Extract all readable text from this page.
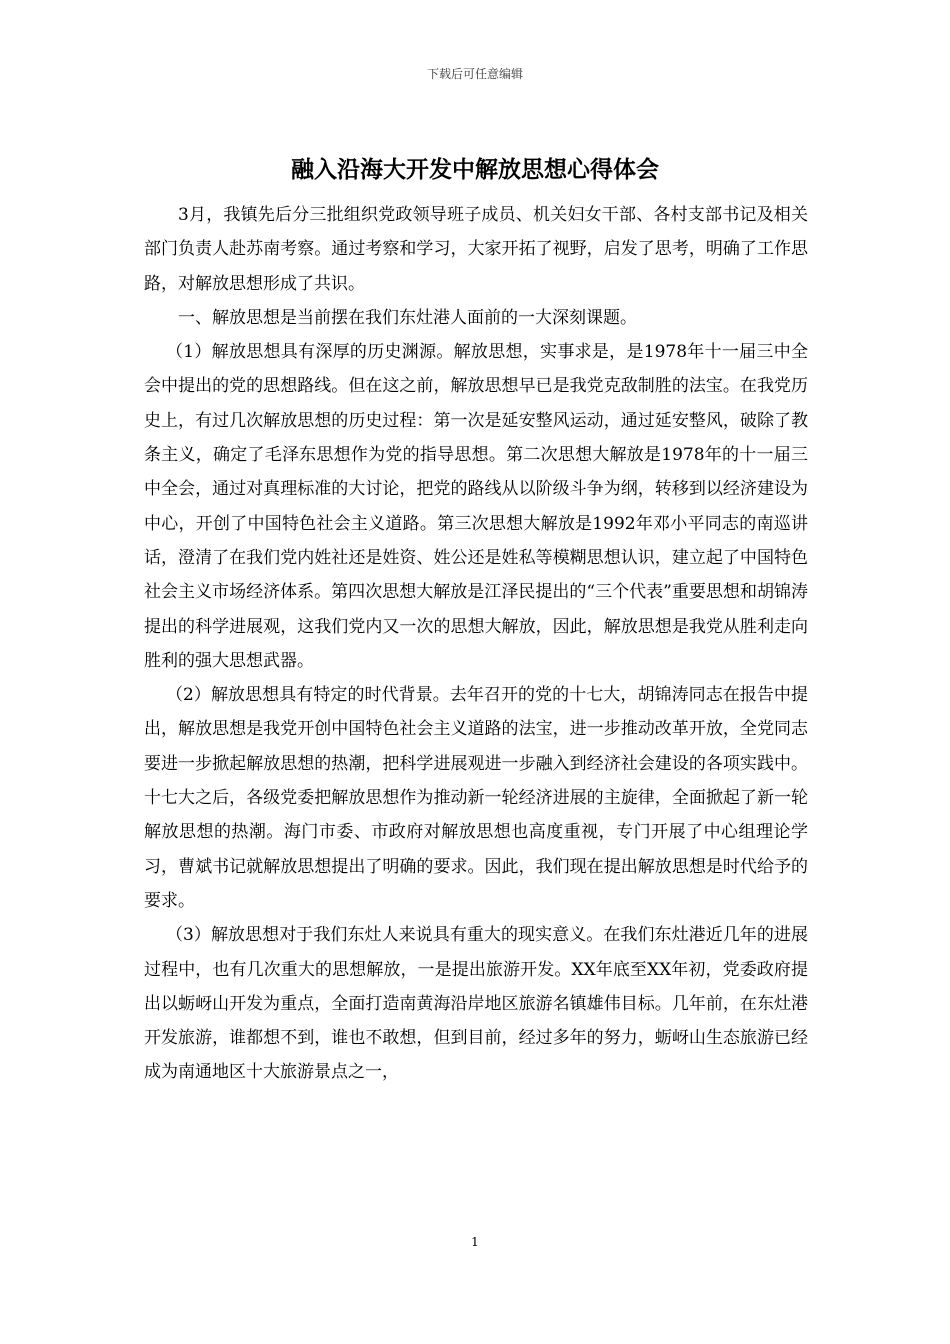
下载后可任意编辑
融入沿海大开发中解放思想心得体会

3月，我镇先后分三批组织党政领导班子成员、机关妇女干部、各村支部书记及相关部门负责人赴苏南考察。通过考察和学习，大家开拓了视野，启发了思考，明确了工作思路，对解放思想形成了共识。

一、解放思想是当前摆在我们东灶港人面前的一大深刻课题。

（1）解放思想具有深厚的历史渊源。解放思想，实事求是，是1978年十一届三中全会中提出的党的思想路线。但在这之前，解放思想早已是我党克敌制胜的法宝。在我党历史上，有过几次解放思想的历史过程：第一次是延安整风运动，通过延安整风，破除了教条主义，确定了毛泽东思想作为党的指导思想。第二次思想大解放是1978年的十一届三中全会，通过对真理标准的大讨论，把党的路线从以阶级斗争为纲，转移到以经济建设为中心，开创了中国特色社会主义道路。第三次思想大解放是1992年邓小平同志的南巡讲话，澄清了在我们党内姓社还是姓资、姓公还是姓私等模糊思想认识，建立起了中国特色社会主义市场经济体系。第四次思想大解放是江泽民提出的“三个代表”重要思想和胡锦涛提出的科学进展观，这我们党内又一次的思想大解放，因此，解放思想是我党从胜利走向胜利的强大思想武器。

（2）解放思想具有特定的时代背景。去年召开的党的十七大，胡锦涛同志在报告中提出，解放思想是我党开创中国特色社会主义道路的法宝，进一步推动改革开放，全党同志要进一步掀起解放思想的热潮，把科学进展观进一步融入到经济社会建设的各项实践中。十七大之后，各级党委把解放思想作为推动新一轮经济进展的主旋律，全面掀起了新一轮解放思想的热潮。海门市委、市政府对解放思想也高度重视，专门开展了中心组理论学习，曹斌书记就解放思想提出了明确的要求。因此，我们现在提出解放思想是时代给予的要求。

（3）解放思想对于我们东灶人来说具有重大的现实意义。在我们东灶港近几年的进展过程中，也有几次重大的思想解放，一是提出旅游开发。XX年底至XX年初，党委政府提出以蛎岈山开发为重点，全面打造南黄海沿岸地区旅游名镇雄伟目标。几年前，在东灶港开发旅游，谁都想不到，谁也不敢想，但到目前，经过多年的努力，蛎岈山生态旅游已经成为南通地区十大旅游景点之一，

1
